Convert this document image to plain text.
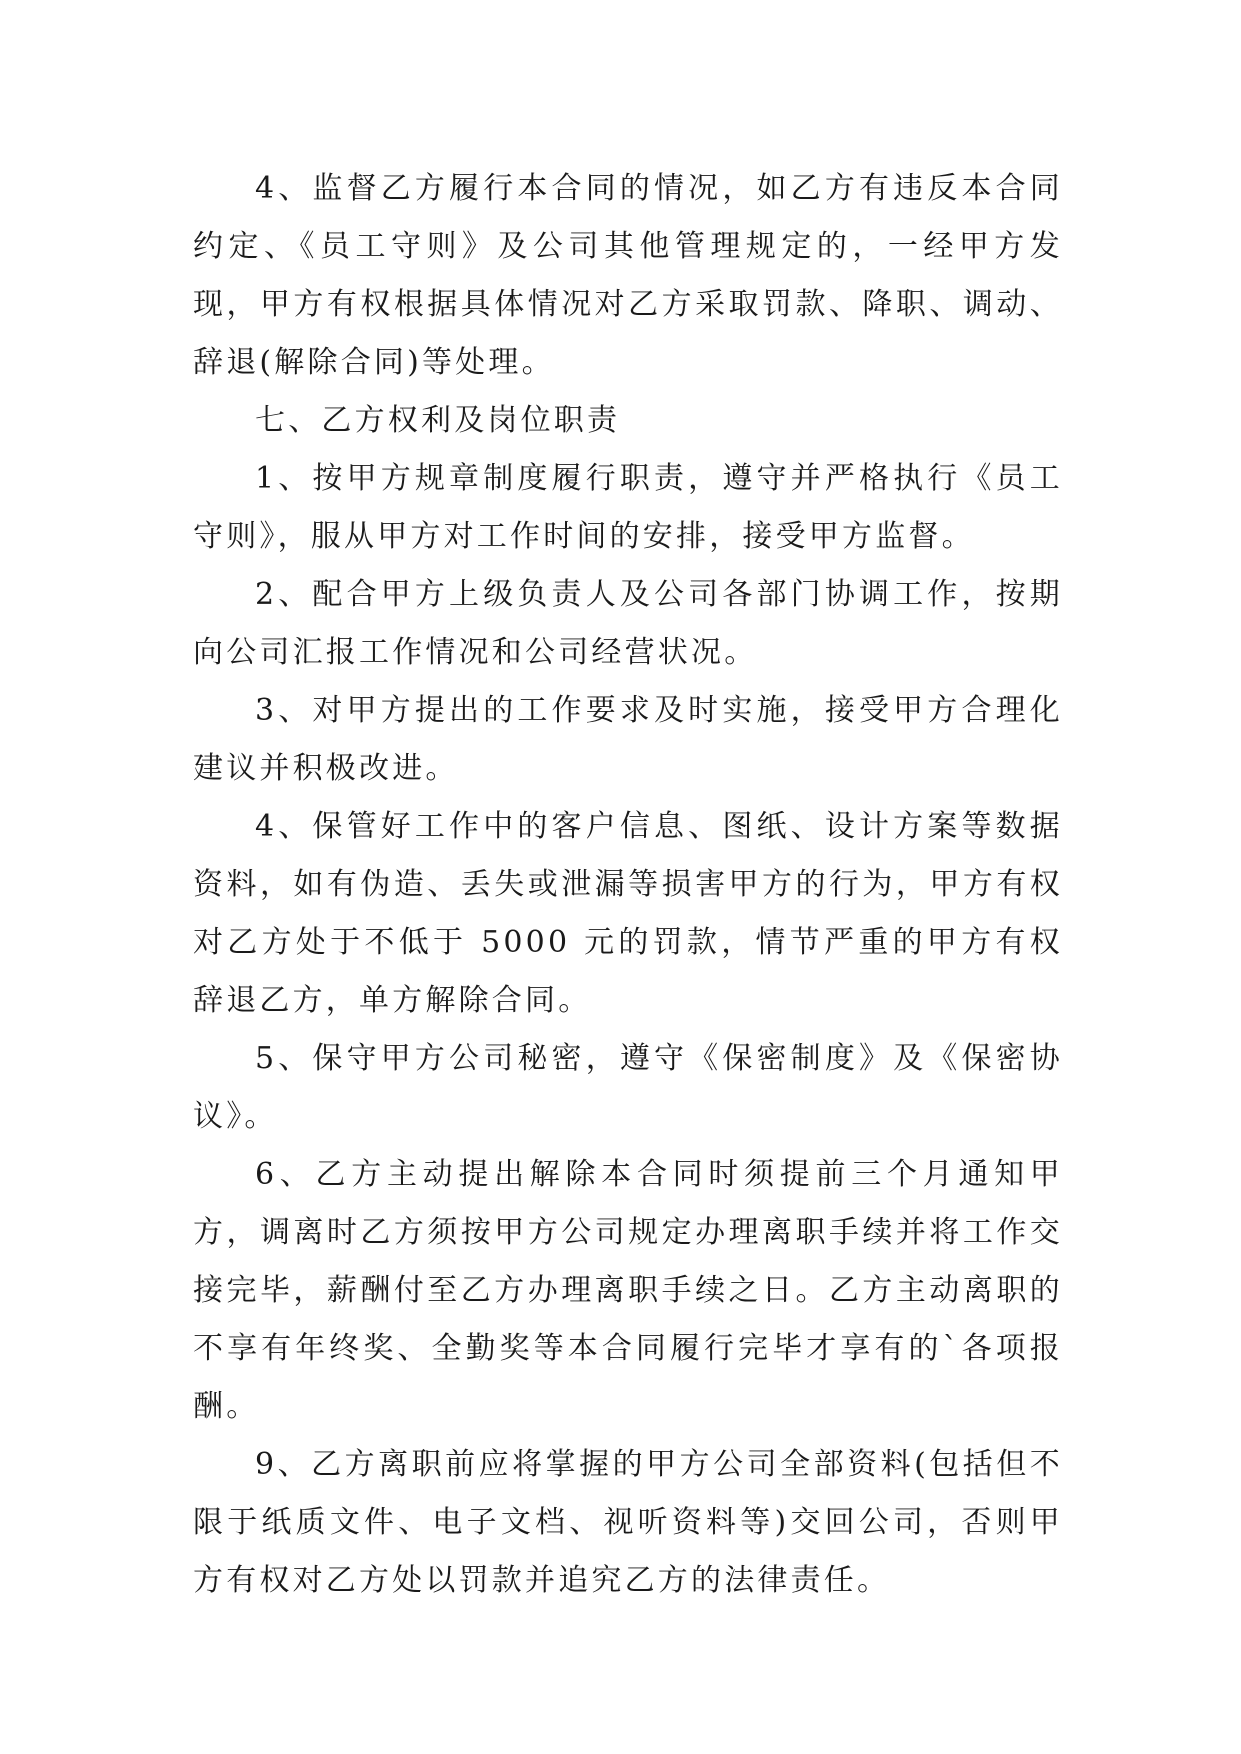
4、监督乙方履行本合同的情况，如乙方有违反本合同约定、《员工守则》及公司其他管理规定的，一经甲方发现，甲方有权根据具体情况对乙方采取罚款、降职、调动、辞退(解除合同)等处理。

七、乙方权利及岗位职责

1、按甲方规章制度履行职责，遵守并严格执行《员工守则》，服从甲方对工作时间的安排，接受甲方监督。

2、配合甲方上级负责人及公司各部门协调工作，按期向公司汇报工作情况和公司经营状况。

3、对甲方提出的工作要求及时实施，接受甲方合理化建议并积极改进。

4、保管好工作中的客户信息、图纸、设计方案等数据资料，如有伪造、丢失或泄漏等损害甲方的行为，甲方有权对乙方处于不低于 5000 元的罚款，情节严重的甲方有权辞退乙方，单方解除合同。

5、保守甲方公司秘密，遵守《保密制度》及《保密协议》。

6、乙方主动提出解除本合同时须提前三个月通知甲方，调离时乙方须按甲方公司规定办理离职手续并将工作交接完毕，薪酬付至乙方办理离职手续之日。乙方主动离职的不享有年终奖、全勤奖等本合同履行完毕才享有的`各项报酬。

9、乙方离职前应将掌握的甲方公司全部资料(包括但不限于纸质文件、电子文档、视听资料等)交回公司，否则甲方有权对乙方处以罚款并追究乙方的法律责任。
